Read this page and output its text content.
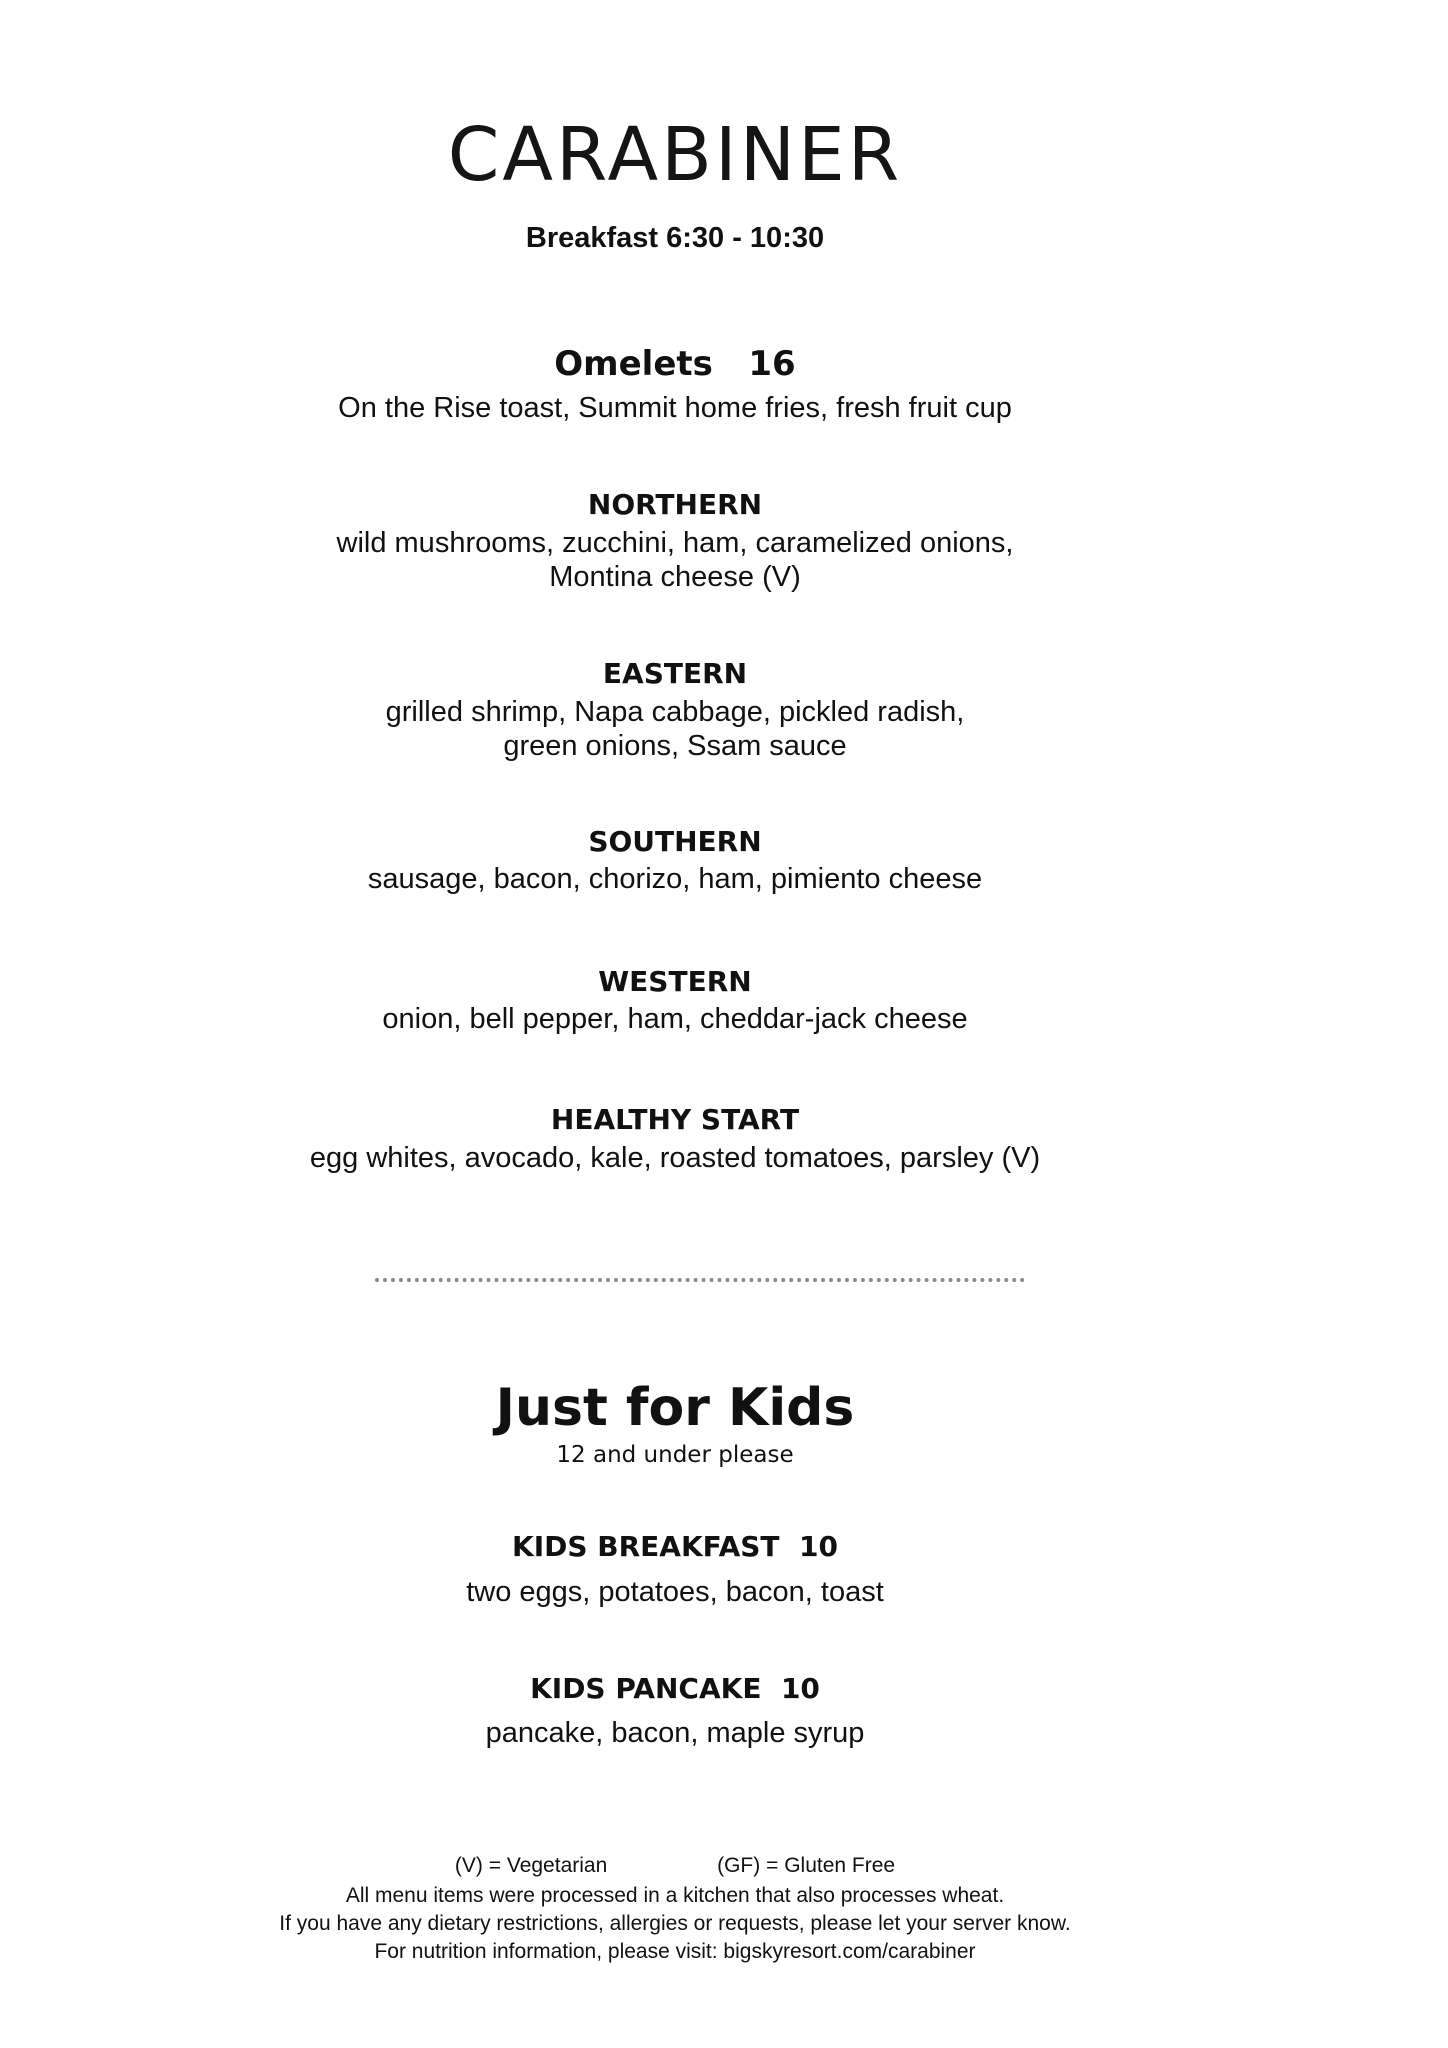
CARABINER
Breakfast 6:30 - 10:30
Omelets   16
On the Rise toast, Summit home fries, fresh fruit cup
NORTHERN
wild mushrooms, zucchini, ham, caramelized onions,
Montina cheese (V)
EASTERN
grilled shrimp, Napa cabbage, pickled radish,
green onions, Ssam sauce
SOUTHERN
sausage, bacon, chorizo, ham, pimiento cheese
WESTERN
onion, bell pepper, ham, cheddar-jack cheese
HEALTHY START
egg whites, avocado, kale, roasted tomatoes, parsley (V)
Just for Kids
12 and under please
KIDS BREAKFAST  10
two eggs, potatoes, bacon, toast
KIDS PANCAKE  10
pancake, bacon, maple syrup
(V) = Vegetarian	(GF) = Gluten Free
All menu items were processed in a kitchen that also processes wheat.
If you have any dietary restrictions, allergies or requests, please let your server know.
For nutrition information, please visit: bigskyresort.com/carabiner
